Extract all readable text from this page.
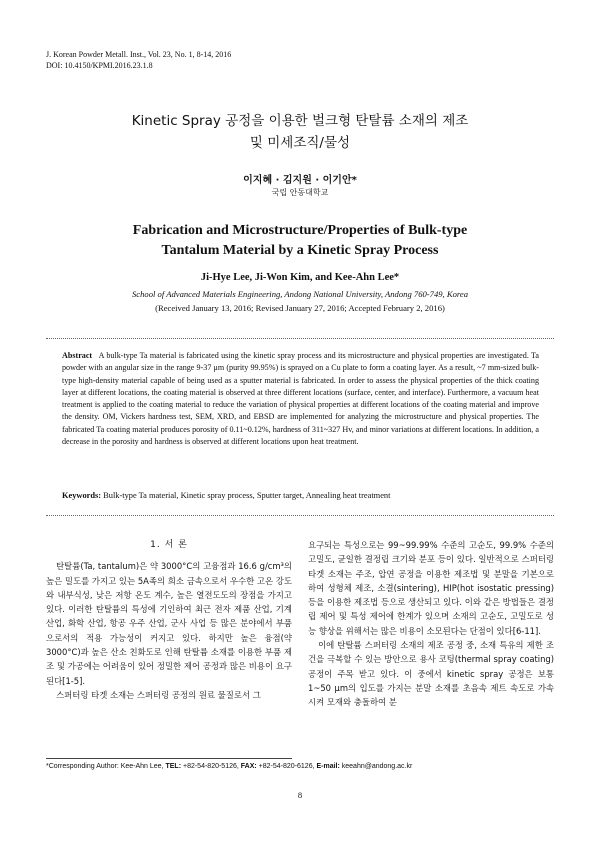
J. Korean Powder Metall. Inst., Vol. 23, No. 1, 8-14, 2016
DOI: 10.4150/KPMI.2016.23.1.8
Kinetic Spray 공정을 이용한 벌크형 탄탈륨 소재의 제조
및 미세조직/물성
이지혜 · 김지원 · 이기안*
국립 안동대학교
Fabrication and Microstructure/Properties of Bulk-type
Tantalum Material by a Kinetic Spray Process
Ji-Hye Lee, Ji-Won Kim, and Kee-Ahn Lee*
School of Advanced Materials Engineering, Andong National University, Andong 760-749, Korea
(Received January 13, 2016; Revised January 27, 2016; Accepted February 2, 2016)
Abstract A bulk-type Ta material is fabricated using the kinetic spray process and its microstructure and physical properties are investigated. Ta powder with an angular size in the range 9-37 μm (purity 99.95%) is sprayed on a Cu plate to form a coating layer. As a result, ~7 mm-sized bulk-type high-density material capable of being used as a sputter material is fabricated. In order to assess the physical properties of the thick coating layer at different locations, the coating material is observed at three different locations (surface, center, and interface). Furthermore, a vacuum heat treatment is applied to the coating material to reduce the variation of physical properties at different locations of the coating material and improve the density. OM, Vickers hardness test, SEM, XRD, and EBSD are implemented for analyzing the microstructure and physical properties. The fabricated Ta coating material produces porosity of 0.11~0.12%, hardness of 311~327 Hv, and minor variations at different locations. In addition, a decrease in the porosity and hardness is observed at different locations upon heat treatment.
Keywords: Bulk-type Ta material, Kinetic spray process, Sputter target, Annealing heat treatment
1. 서 론

탄탈륨(Ta, tantalum)은 약 3000°C의 고융점과 16.6 g/cm³의 높은 밀도를 가지고 있는 5A족의 희소 금속으로서 우수한 고온 강도와 내부식성, 낮은 저항 온도 계수, 높은 열전도도의 장점을 가지고 있다. 이러한 탄탈륨의 특성에 기인하여 최근 전자 제품 산업, 기계 산업, 화학 산업, 항공 우주 산업, 군사 사업 등 많은 분야에서 부품으로서의 적용 가능성이 커지고 있다. 하지만 높은 융점(약 3000°C)과 높은 산소 친화도로 인해 탄탈륨 소재를 이용한 부품 제조 및 가공에는 어려움이 있어 정밀한 제어 공정과 많은 비용이 요구된다[1-5].

스퍼터링 타겟 소재는 스퍼터링 공정의 원료 물질로서 그

요구되는 특성으로는 99~99.99% 수준의 고순도, 99.9% 수준의 고밀도, 균일한 결정립 크기와 분포 등이 있다. 일반적으로 스퍼터링 타겟 소재는 주조, 압연 공정을 이용한 제조법 및 분말을 기본으로 하여 성형체 제조, 소결(sintering), HIP(hot isostatic pressing) 등을 이용한 제조법 등으로 생산되고 있다. 이와 같은 방법들은 결정립 제어 및 특성 제어에 한계가 있으며 소재의 고순도, 고밀도로 성능 향상을 위해서는 많은 비용이 소모된다는 단점이 있다[6-11].

이에 탄탈륨 스퍼터링 소재의 제조 공정 중, 소재 특유의 제한 조건을 극복할 수 있는 방안으로 용사 코팅(thermal spray coating) 공정이 주목 받고 있다. 이 중에서 kinetic spray 공정은 보통 1~50 μm의 입도를 가지는 분말 소재를 초음속 제트 속도로 가속시켜 모재와 충돌하여 분

*Corresponding Author: Kee-Ahn Lee, TEL: +82-54-820-5126, FAX: +82-54-820-6126, E-mail: keeahn@andong.ac.kr
8
